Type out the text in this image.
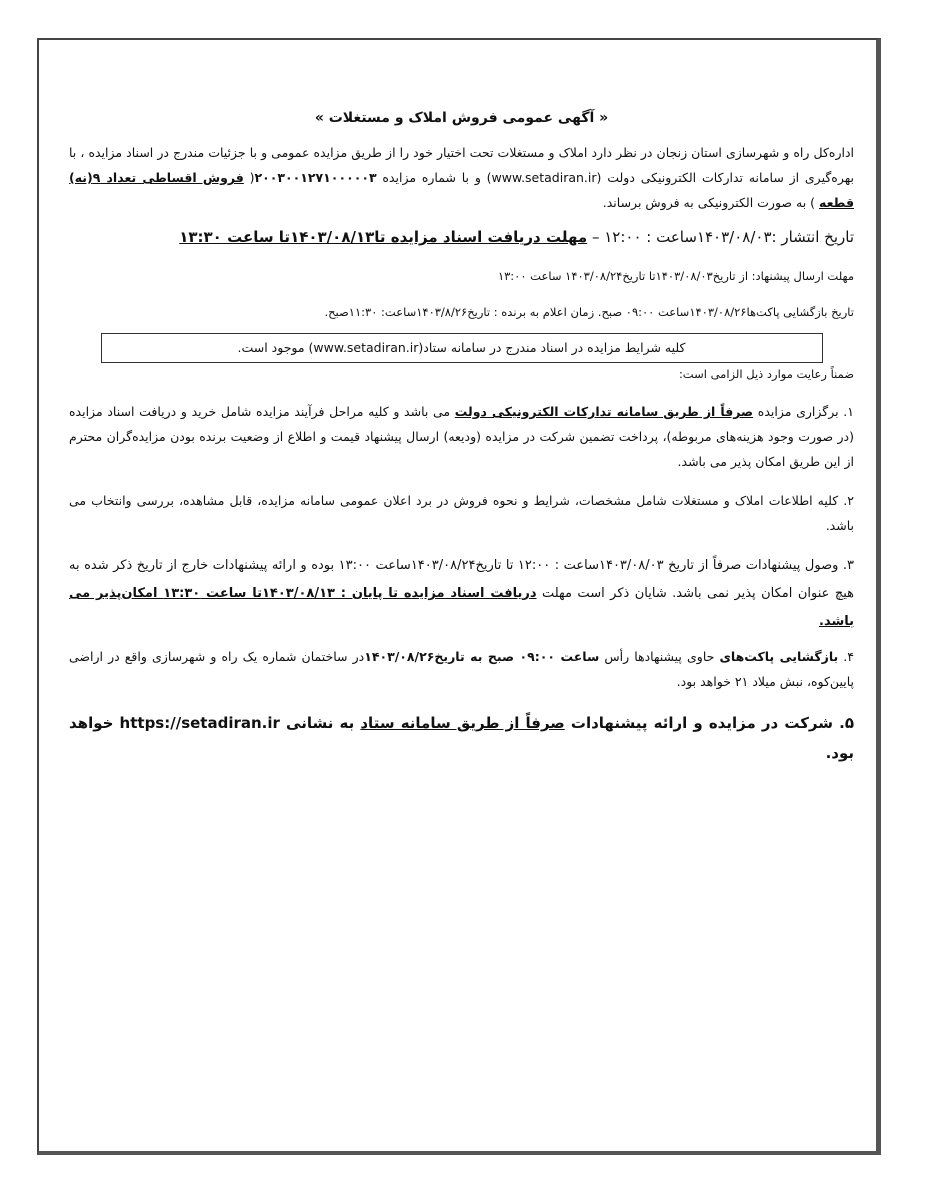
« آگهی عمومی فروش املاک و مستغلات »

اداره‌کل راه و شهرسازی استان زنجان در نظر دارد املاک و مستغلات تحت اختیار خود را از طریق مزایده عمومی و با جزئیات مندرج در اسناد مزایده ، با بهره‌گیری از سامانه تدارکات الکترونیکی دولت (www.setadiran.ir) و با شماره مزایده ۲۰۰۳۰۰۱۲۷۱۰۰۰۰۰۳( فروش اقساطی تعداد ۹(نه) قطعه ) به صورت الکترونیکی به فروش برساند.

تاریخ انتشار :۱۴۰۳/۰۸/۰۳ساعت : ۱۲:۰۰ – مهلت دریافت اسناد مزایده تا۱۴۰۳/۰۸/۱۳تا ساعت ۱۳:۳۰

مهلت ارسال پیشنهاد: از تاریخ۱۴۰۳/۰۸/۰۳تا تاریخ۱۴۰۳/۰۸/۲۴ ساعت ۱۳:۰۰

تاریخ بازگشایی پاکت‌ها۱۴۰۳/۰۸/۲۶ساعت ۰۹:۰۰ صبح. زمان اعلام به برنده : تاریخ۱۴۰۳/۸/۲۶ساعت: ۱۱:۳۰صبح.

کلیه شرایط مزایده در اسناد مندرج در سامانه ستاد(www.setadiran.ir) موجود است.

ضمناً رعایت موارد ذیل الزامی است:

۱. برگزاری مزایده صرفاً از طریق سامانه تدارکات الکترونیکی دولت می باشد و کلیه مراحل فرآیند مزایده شامل خرید و دریافت اسناد مزایده (در صورت وجود هزینه‌های مربوطه)، پرداخت تضمین شرکت در مزایده (ودیعه) ارسال پیشنهاد قیمت و اطلاع از وضعیت برنده بودن مزایده‌گران محترم از این طریق امکان پذیر می باشد.

۲. کلیه اطلاعات املاک و مستغلات شامل مشخصات، شرایط و نحوه فروش در برد اعلان عمومی سامانه مزایده، قابل مشاهده، بررسی وانتخاب می باشد.

۳. وصول پیشنهادات صرفاً از تاریخ ۱۴۰۳/۰۸/۰۳ساعت : ۱۲:۰۰ تا تاریخ۱۴۰۳/۰۸/۲۴ساعت ۱۳:۰۰ بوده و ارائه پیشنهادات خارج از تاریخ ذکر شده به هیچ عنوان امکان پذیر نمی باشد. شایان ذکر است مهلت دریافت اسناد مزایده تا پایان : ۱۴۰۳/۰۸/۱۳تا ساعت ۱۳:۳۰ امکان‌پذیر می باشد.

۴. بازگشایی پاکت‌های حاوی پیشنهادها رأس ساعت ۰۹:۰۰ صبح به تاریخ۱۴۰۳/۰۸/۲۶در ساختمان شماره یک راه و شهرسازی واقع در اراضی پایین‌کوه، نبش میلاد ۲۱ خواهد بود.

۵. شرکت در مزایده و ارائه پیشنهادات صرفاً از طریق سامانه ستاد به نشانی https://setadiran.ir خواهد بود.
